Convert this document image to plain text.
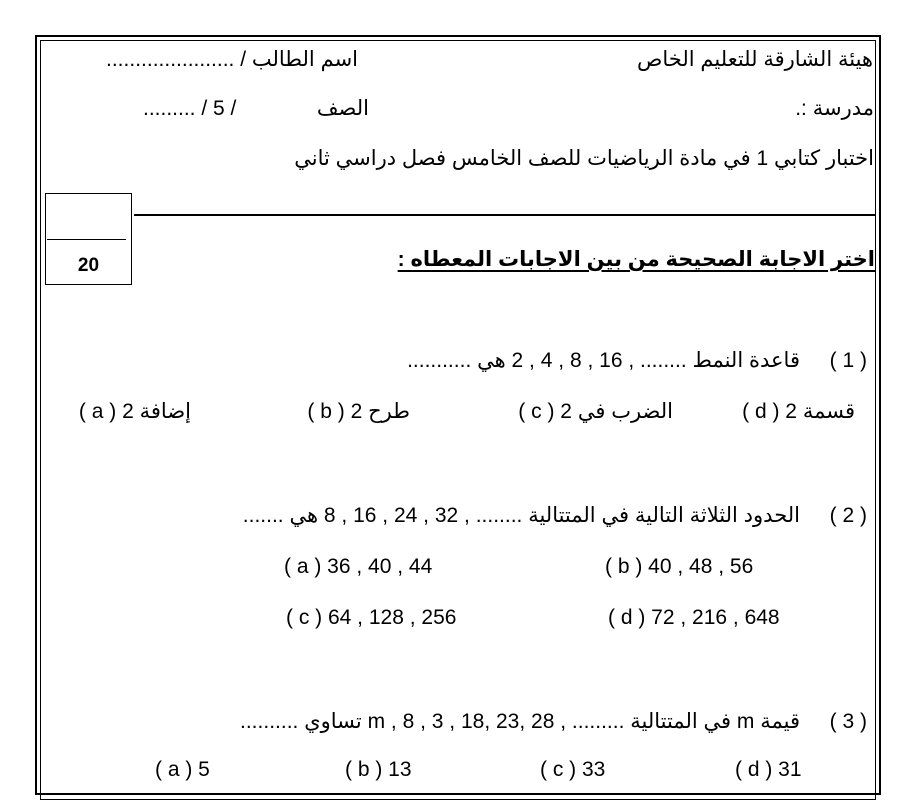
هيئة الشارقة للتعليم الخاص
اسم الطالب / ......................
مدرسة :.
الصف
......... / 5 /
اختبار كتابي 1 في مادة الرياضيات للصف الخامس فصل دراسي ثاني
20	اختر الاجابة الصحيحة من بين الاجابات المعطاه :
( 1 )
قاعدة النمط ........ , 16 , 8 , 4 , 2 هي ...........
قسمة 2 ( d )
الضرب في 2 ( c )
طرح 2 ( b )
إضافة 2 ( a )
( 2 )
الحدود الثلاثة التالية في المتتالية ........ , 32 , 24 , 16 , 8 هي .......
( a ) 36 , 40 , 44	( b ) 40 , 48 , 56
( c ) 64 , 128 , 256	( d ) 72 , 216 , 648
( 3 )
قيمة m في المتتالية ......... , 28 ,23 ,18 , m , 8 , 3 تساوي ..........
( a ) 5	( b ) 13	( c ) 33	( d ) 31
